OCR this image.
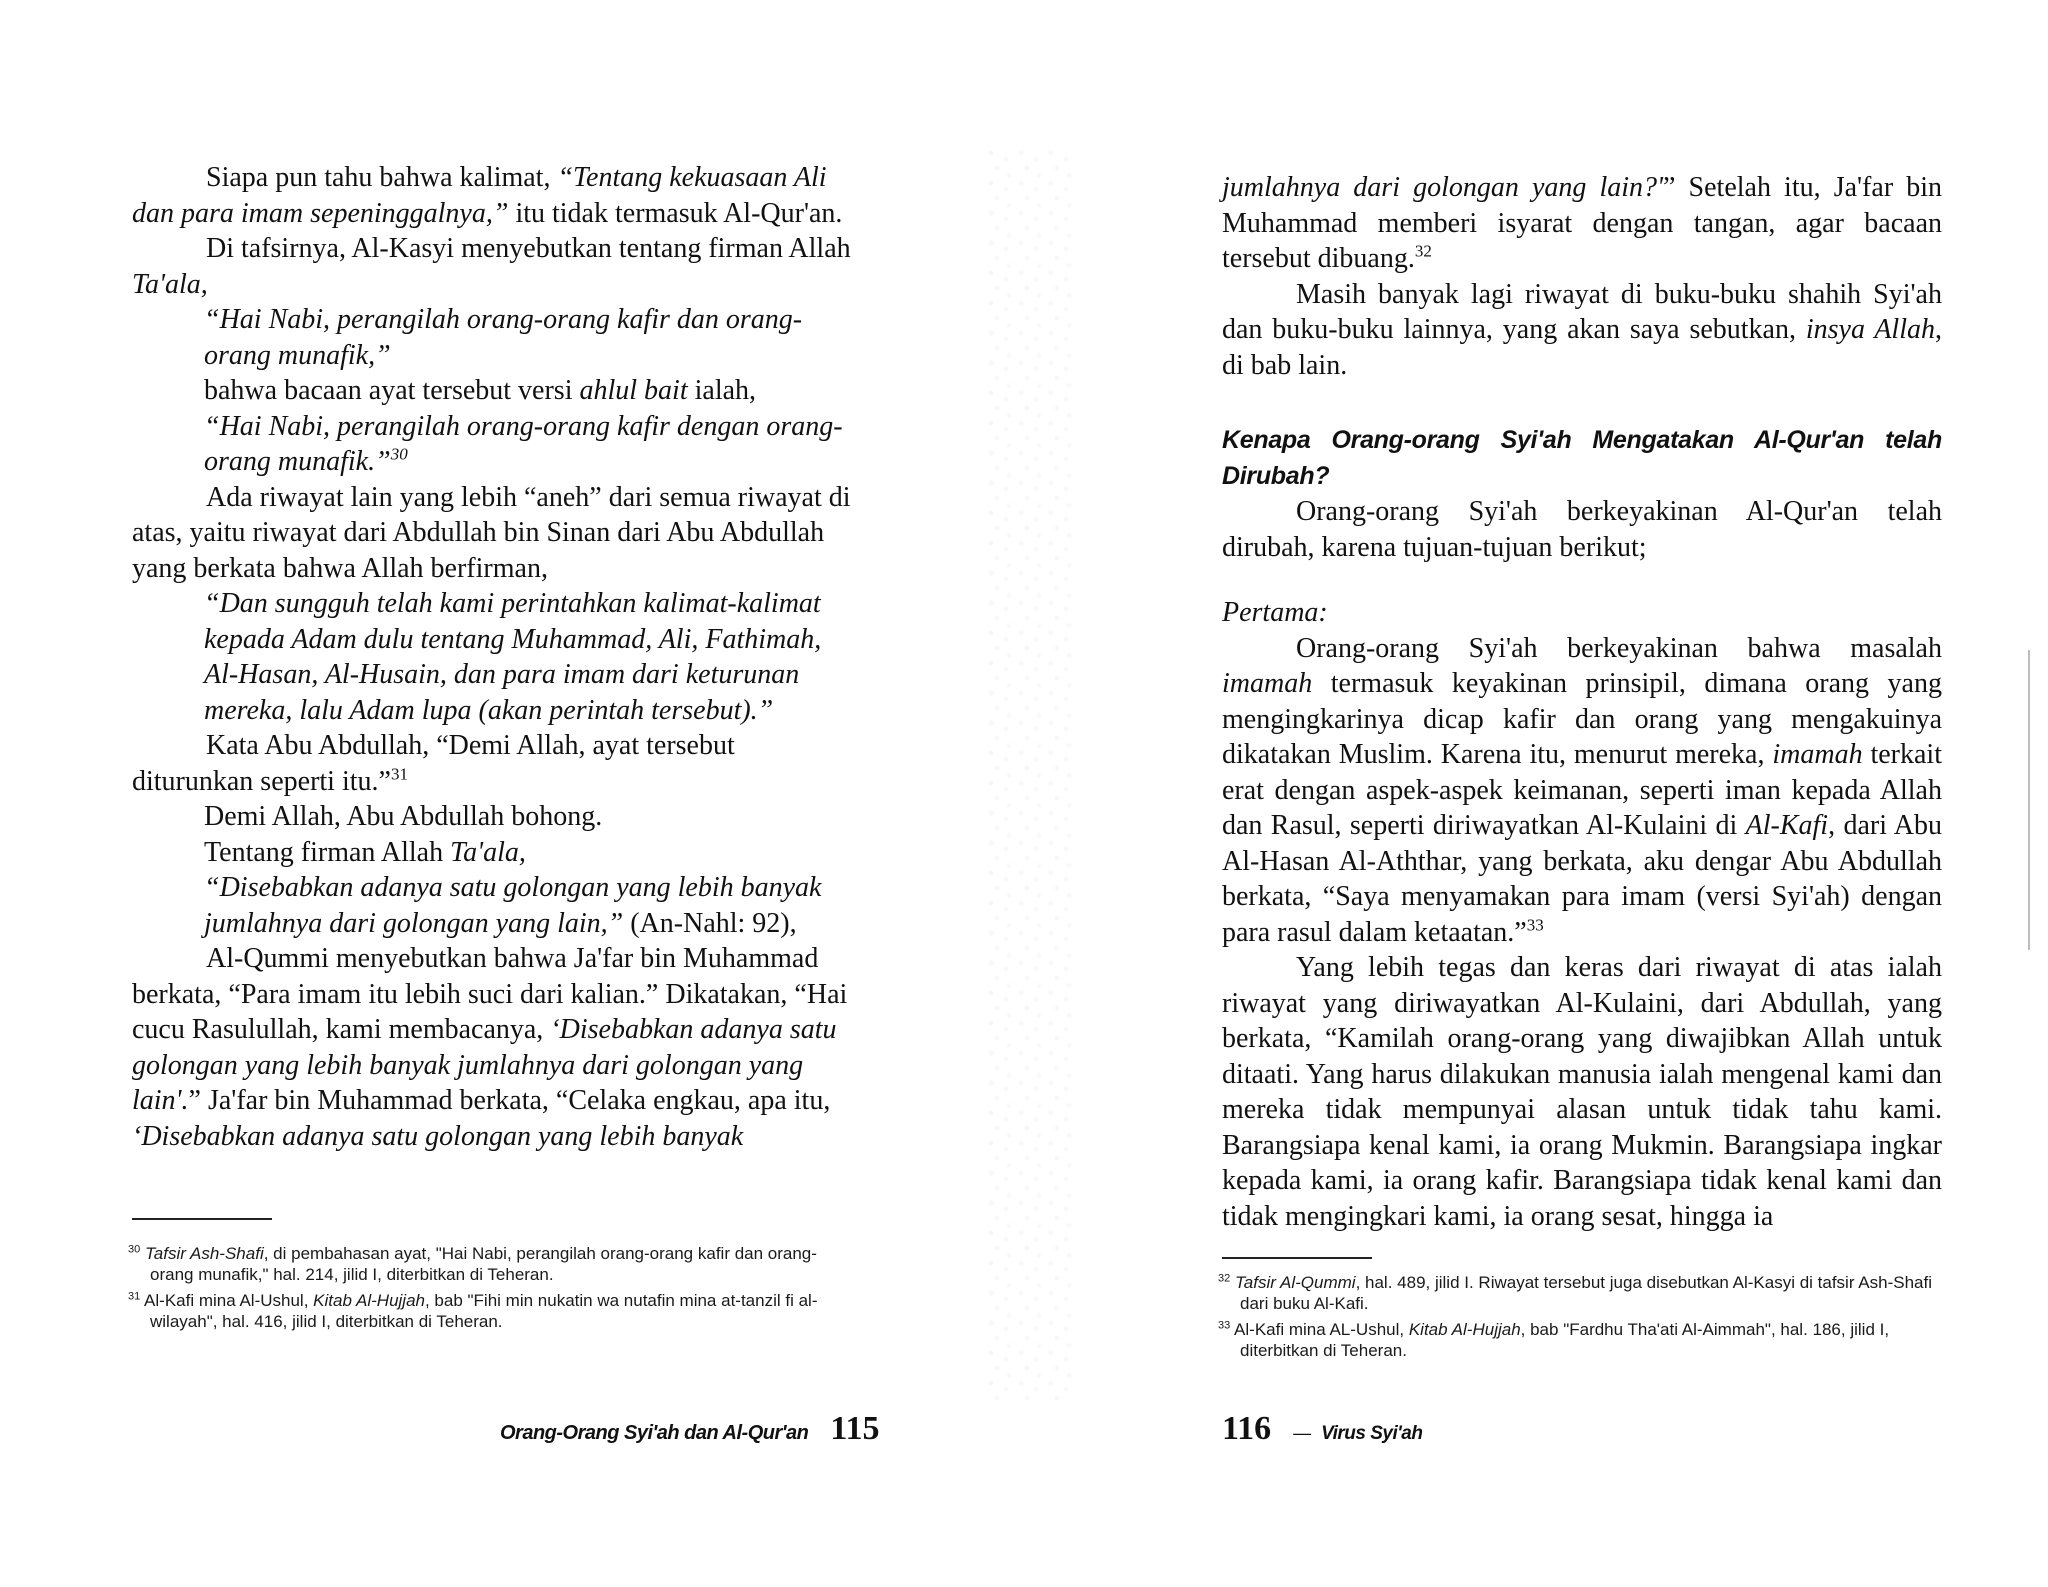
Siapa pun tahu bahwa kalimat, “Tentang kekuasaan Ali dan para imam sepeninggalnya,” itu tidak termasuk Al-Qur'an.

Di tafsirnya, Al-Kasyi menyebutkan tentang firman Allah Ta'ala,

“Hai Nabi, perangilah orang-orang kafir dan orang-orang munafik,”

bahwa bacaan ayat tersebut versi ahlul bait ialah,

“Hai Nabi, perangilah orang-orang kafir dengan orang-orang munafik.”$^{30}$

Ada riwayat lain yang lebih “aneh” dari semua riwayat di atas, yaitu riwayat dari Abdullah bin Sinan dari Abu Abdullah yang berkata bahwa Allah berfirman,

“Dan sungguh telah kami perintahkan kalimat-kalimat kepada Adam dulu tentang Muhammad, Ali, Fathimah, Al-Hasan, Al-Husain, dan para imam dari keturunan mereka, lalu Adam lupa (akan perintah tersebut).”

Kata Abu Abdullah, “Demi Allah, ayat tersebut diturunkan seperti itu.”$^{31}$

Demi Allah, Abu Abdullah bohong.

Tentang firman Allah Ta'ala,

“Disebabkan adanya satu golongan yang lebih banyak jumlahnya dari golongan yang lain,” (An-Nahl: 92),

Al-Qummi menyebutkan bahwa Ja'far bin Muhammad berkata, “Para imam itu lebih suci dari kalian.” Dikatakan, “Hai cucu Rasulullah, kami membacanya, ‘Disebabkan adanya satu golongan yang lebih banyak jumlahnya dari golongan yang lain'.” Ja'far bin Muhammad berkata, “Celaka engkau, apa itu, ‘Disebabkan adanya satu golongan yang lebih banyak

$^{30}$ Tafsir Ash-Shafi, di pembahasan ayat, "Hai Nabi, perangilah orang-orang kafir dan orang-orang munafik," hal. 214, jilid I, diterbitkan di Teheran.

$^{31}$ Al-Kafi mina Al-Ushul, Kitab Al-Hujjah, bab "Fihi min nukatin wa nutafin mina at-tanzil fi al-wilayah", hal. 416, jilid I, diterbitkan di Teheran.

Orang-Orang Syi'ah dan Al-Qur'an 115

jumlahnya dari golongan yang lain?'” Setelah itu, Ja'far bin Muhammad memberi isyarat dengan tangan, agar bacaan tersebut dibuang.$^{32}$

Masih banyak lagi riwayat di buku-buku shahih Syi'ah dan buku-buku lainnya, yang akan saya sebutkan, insya Allah, di bab lain.

Kenapa Orang-orang Syi'ah Mengatakan Al-Qur'an telah Dirubah?

Orang-orang Syi'ah berkeyakinan Al-Qur'an telah dirubah, karena tujuan-tujuan berikut;

Pertama:

Orang-orang Syi'ah berkeyakinan bahwa masalah imamah termasuk keyakinan prinsipil, dimana orang yang mengingkarinya dicap kafir dan orang yang mengakuinya dikatakan Muslim. Karena itu, menurut mereka, imamah terkait erat dengan aspek-aspek keimanan, seperti iman kepada Allah dan Rasul, seperti diriwayatkan Al-Kulaini di Al-Kafi, dari Abu Al-Hasan Al-Aththar, yang berkata, aku dengar Abu Abdullah berkata, “Saya menyamakan para imam (versi Syi'ah) dengan para rasul dalam ketaatan.”$^{33}$

Yang lebih tegas dan keras dari riwayat di atas ialah riwayat yang diriwayatkan Al-Kulaini, dari Abdullah, yang berkata, “Kamilah orang-orang yang diwajibkan Allah untuk ditaati. Yang harus dilakukan manusia ialah mengenal kami dan mereka tidak mempunyai alasan untuk tidak tahu kami. Barangsiapa kenal kami, ia orang Mukmin. Barangsiapa ingkar kepada kami, ia orang kafir. Barangsiapa tidak kenal kami dan tidak mengingkari kami, ia orang sesat, hingga ia

$^{32}$ Tafsir Al-Qummi, hal. 489, jilid I. Riwayat tersebut juga disebutkan Al-Kasyi di tafsir Ash-Shafi dari buku Al-Kafi.

$^{33}$ Al-Kafi mina AL-Ushul, Kitab Al-Hujjah, bab "Fardhu Tha'ati Al-Aimmah", hal. 186, jilid I, diterbitkan di Teheran.

116 — Virus Syi'ah
